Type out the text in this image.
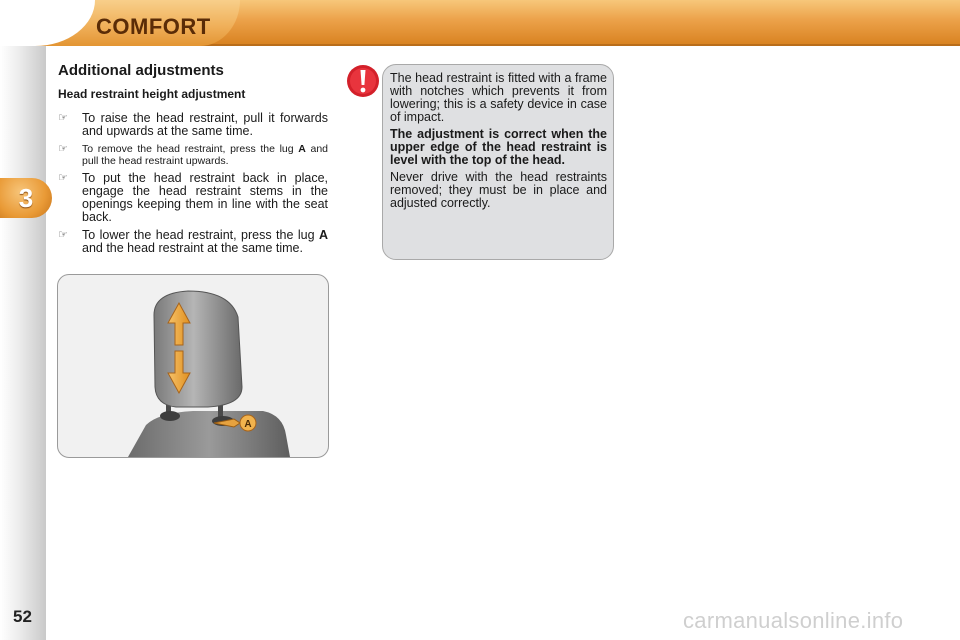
COMFORT
3
52
Additional adjustments
Head restraint height adjustment
☞	To raise the head restraint, pull it forwards and upwards at the same time.
☞	To remove the head restraint, press the lug A and pull the head restraint upwards.
☞	To put the head restraint back in place, engage the head restraint stems in the openings keeping them in line with the seat back.
☞	To lower the head restraint, press the lug A and the head restraint at the same time.
A

The head restraint is fitted with a frame with notches which prevents it from lowering; this is a safety device in case of impact.

The adjustment is correct when the upper edge of the head restraint is level with the top of the head.

Never drive with the head restraints removed; they must be in place and adjusted correctly.

carmanualsonline.info
